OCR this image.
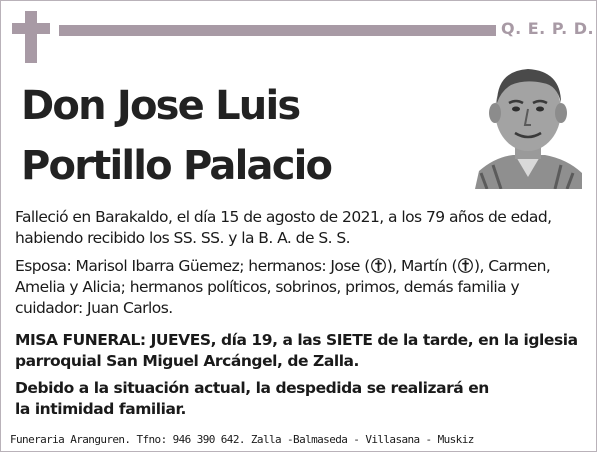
Q. E. P. D.
Don Jose Luis
Portillo Palacio
Falleció en Barakaldo, el día 15 de agosto de 2021, a los 79 años de edad,
habiendo recibido los SS. SS. y la B. A. de S. S.
Esposa: Marisol Ibarra Güemez; hermanos: Jose ( ), Martín ( ), Carmen,
Amelia y Alicia; hermanos políticos, sobrinos, primos, demás familia y
cuidador: Juan Carlos.
MISA FUNERAL: JUEVES, día 19, a las SIETE de la tarde, en la iglesia
parroquial San Miguel Arcángel, de Zalla.
Debido a la situación actual, la despedida se realizará en
la intimidad familiar.
Funeraria Aranguren. Tfno: 946 390 642. Zalla -Balmaseda - Villasana - Muskiz
